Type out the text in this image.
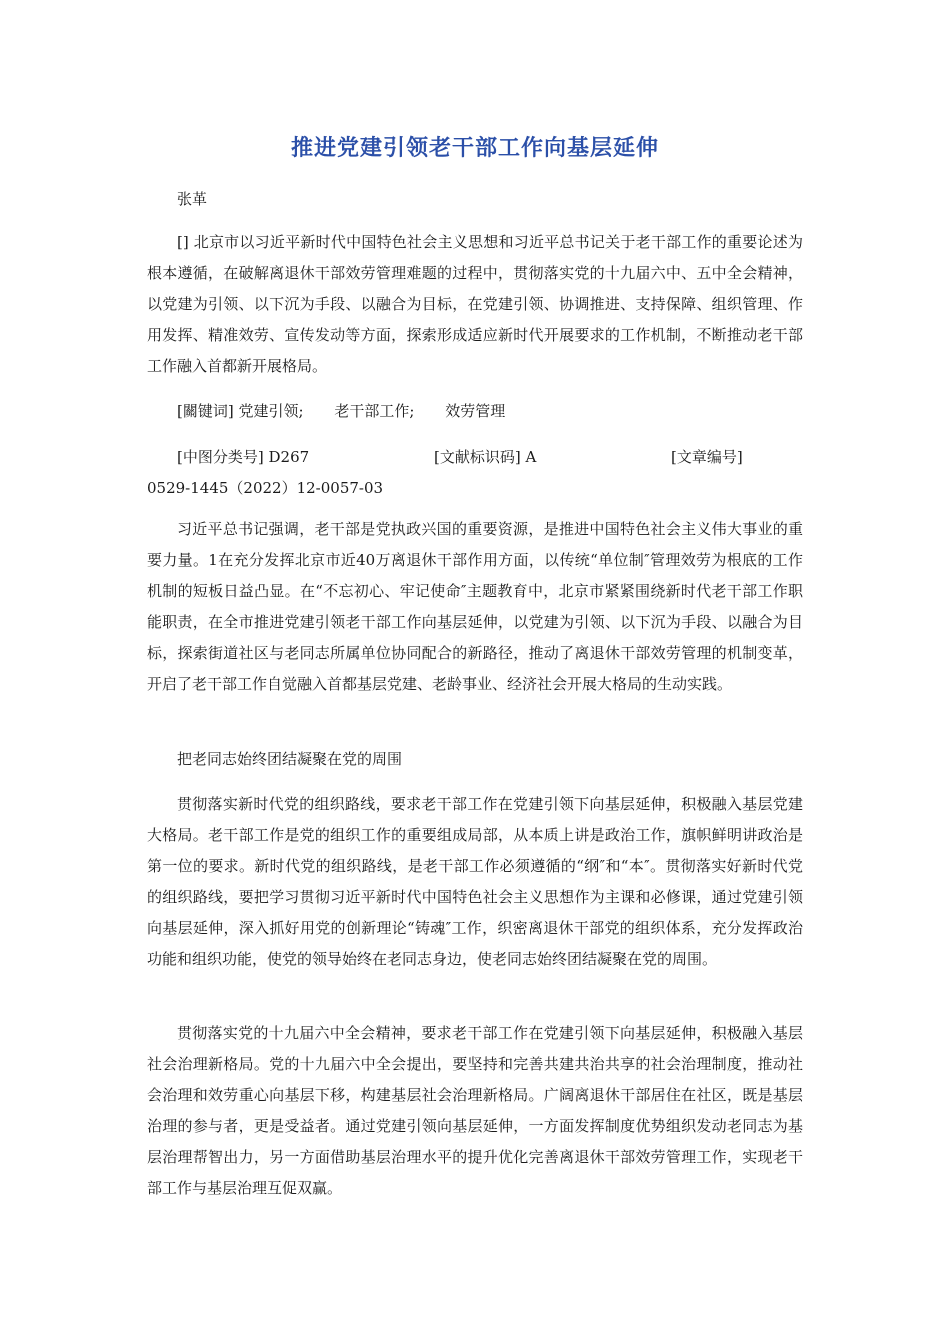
推进党建引领老干部工作向基层延伸
张革
[] 北京市以习近平新时代中国特色社会主义思想和习近平总书记关于老干部工作的重要论述为根本遵循，在破解离退休干部效劳管理难题的过程中，贯彻落实党的十九届六中、五中全会精神，以党建为引领、以下沉为手段、以融合为目标，在党建引领、协调推进、支持保障、组织管理、作用发挥、精准效劳、宣传发动等方面，探索形成适应新时代开展要求的工作机制，不断推动老干部工作融入首都新开展格局。
[關键词] 党建引领; 老干部工作; 效劳管理
[中图分类号] D267	[文献标识码] A	[文章编号]
0529-1445（2022）12-0057-03
习近平总书记强调，老干部是党执政兴国的重要资源，是推进中国特色社会主义伟大事业的重要力量。1在充分发挥北京市近40万离退休干部作用方面，以传统“单位制″管理效劳为根底的工作机制的短板日益凸显。在“不忘初心、牢记使命″主题教育中，北京市紧紧围绕新时代老干部工作职能职责，在全市推进党建引领老干部工作向基层延伸，以党建为引领、以下沉为手段、以融合为目标，探索街道社区与老同志所属单位协同配合的新路径，推动了离退休干部效劳管理的机制变革，开启了老干部工作自觉融入首都基层党建、老龄事业、经济社会开展大格局的生动实践。
把老同志始终团结凝聚在党的周围
贯彻落实新时代党的组织路线，要求老干部工作在党建引领下向基层延伸，积极融入基层党建大格局。老干部工作是党的组织工作的重要组成局部，从本质上讲是政治工作，旗帜鲜明讲政治是第一位的要求。新时代党的组织路线，是老干部工作必须遵循的“纲″和“本″。贯彻落实好新时代党的组织路线，要把学习贯彻习近平新时代中国特色社会主义思想作为主课和必修课，通过党建引领向基层延伸，深入抓好用党的创新理论“铸魂″工作，织密离退休干部党的组织体系，充分发挥政治功能和组织功能，使党的领导始终在老同志身边，使老同志始终团结凝聚在党的周围。
贯彻落实党的十九届六中全会精神，要求老干部工作在党建引领下向基层延伸，积极融入基层社会治理新格局。党的十九届六中全会提出，要坚持和完善共建共治共享的社会治理制度，推动社会治理和效劳重心向基层下移，构建基层社会治理新格局。广阔离退休干部居住在社区，既是基层治理的参与者，更是受益者。通过党建引领向基层延伸，一方面发挥制度优势组织发动老同志为基层治理帮智出力，另一方面借助基层治理水平的提升优化完善离退休干部效劳管理工作，实现老干部工作与基层治理互促双赢。
